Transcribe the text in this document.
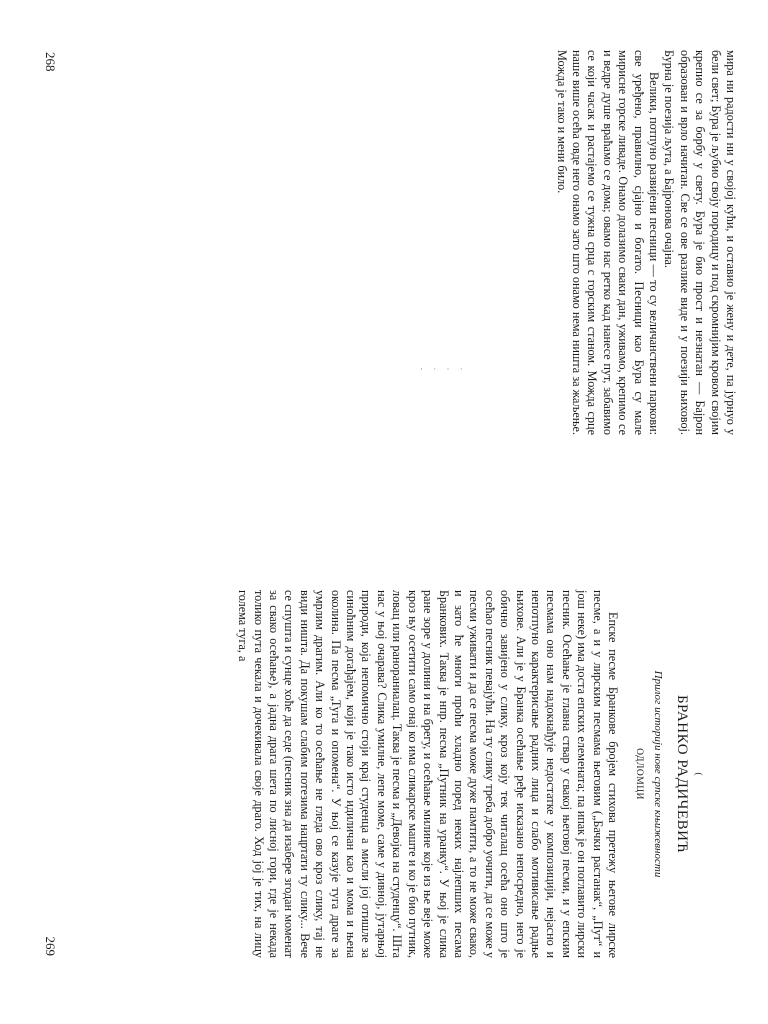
мира ни радости ни у својој кући, и оставио је жену и дете, па јурнуо у бели свет; Бура је љубио своју породицу и под скромнијим кровом својим крепио се за борбу у свету. Бура је био прост и незнатан — Бајрон образован и врло начитан. Све се ове разлике виде и у поезији њиховој. Бурна је поезија љута, а Бајронова очајна.

Велики, потпуно развијени песници — то су величанствени паркови: све уређено, правилно, сјајно и богато. Песници као Бура су мале мирисне горске ливаде. Онамо долазимо сваки дан, уживамо, крепимо се и ведре душе враћамо се дома; овамо нас ретко кад нанесе пут, забавимо се који часак и растајемо се тужна срца с горским станом. Можда срце наше више осећа овде него онамо зато што онамо нема ништа за жаљење. Можда је тако и мени било.

268
(
БРАНКО РАДИЧЕВИЋ
Прилог историји нове српске књижевности
ОДЛОМЦИ

Епске песме Бранкове бројем стихова претежу његове лирске песме, а и у лирским песмама његовим („Бачки растанак“, „Пут“ и још неке) има доста епских елемената; па ипак је он поглавито лирски песник. Осећање је главна ствар у свакој његовој песми, и у епским песмама оно нам надокнађује недостатке у композицији, нејасно и непотпуно карактерисање радних лица и слабо мотивисање радње њихове. Али је у Бранка осећање ређе исказано непосредно, него је обично завијено у слику, кроз коју тек читалац осећа оно што је осећао песник певајући. На ту слику треба добро уочити, да се може у песми уживати и да се песма може дуже памтити, а то не може свако, и зато ће многи проћи хладно поред неких најлепших песама Бранкових. Таква је нпр. песма „Путник на уранку“. У њој је слика ране зоре у долини и на брегу, и осећање милине које из ње веје може кроз њу осетити само онај ко има сликарске маште и ко је био путник, ловац или ранораниалац. Таква је песма и „Девојка на студенцу“. Шта нас у њој очарава? Слика умилне, лепе моме, саме у дивној, јутарњој природи, која непомично стоји крај студенца а мисли јој отишле за синоћним догађајем, који је тако исто идиличан као и мома и њена околина. Па песма „Туга и опомена“. У њој се казује туга драге за умрлим драгим. Али ко то осећање не гледа ово кроз слику, тај не види ништа. Да покушам слабим потезима нацртати ту слику... Вече се спушта и сунце хоће да седе (песник зна да изабере згодан моменат за свако осећање), а јадна драга шета по лисној гори, где је некада толико пута чекала и дочекивала своје драго. Ход јој је тих, на лицу голема туга, а

269
· · · ·
